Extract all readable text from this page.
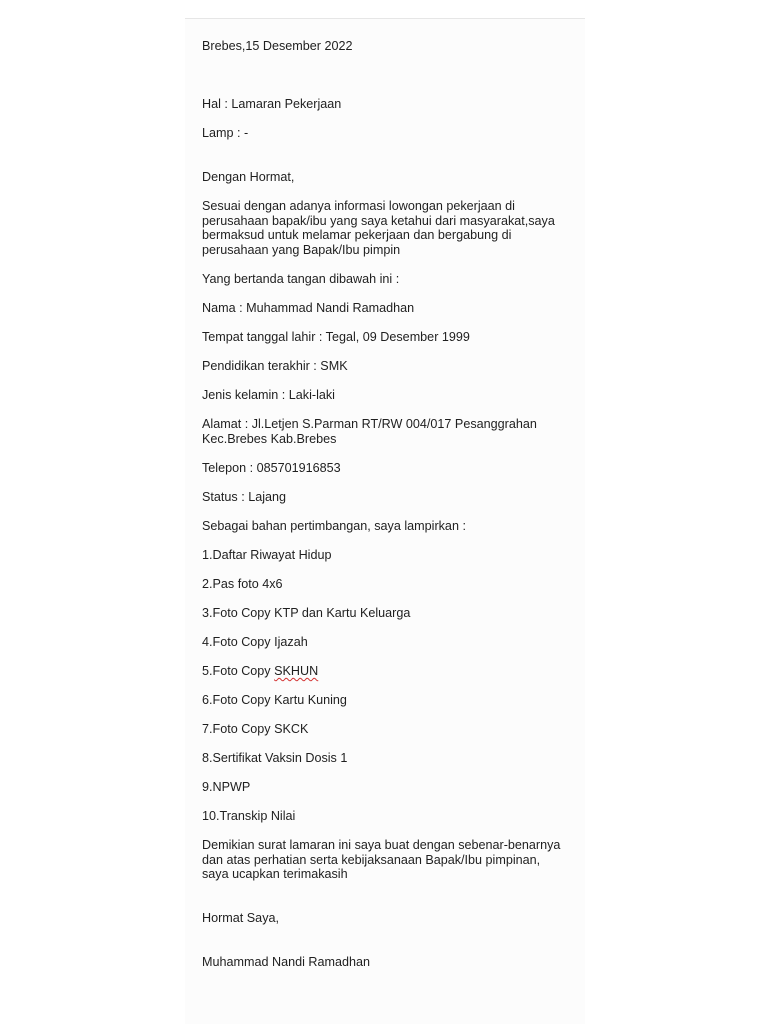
Brebes,15 Desember 2022

Hal : Lamaran Pekerjaan

Lamp : -

Dengan Hormat,

Sesuai dengan adanya informasi lowongan pekerjaan di
perusahaan bapak/ibu yang saya ketahui dari masyarakat,saya
bermaksud untuk melamar pekerjaan dan bergabung di
perusahaan yang Bapak/Ibu pimpin

Yang bertanda tangan dibawah ini :

Nama : Muhammad Nandi Ramadhan

Tempat tanggal lahir : Tegal, 09 Desember 1999

Pendidikan terakhir : SMK

Jenis kelamin : Laki-laki

Alamat : Jl.Letjen S.Parman RT/RW 004/017 Pesanggrahan
Kec.Brebes Kab.Brebes

Telepon : 085701916853

Status : Lajang

Sebagai bahan pertimbangan, saya lampirkan :

1.Daftar Riwayat Hidup

2.Pas foto 4x6

3.Foto Copy KTP dan Kartu Keluarga

4.Foto Copy Ijazah

5.Foto Copy SKHUN

6.Foto Copy Kartu Kuning

7.Foto Copy SKCK

8.Sertifikat Vaksin Dosis 1

9.NPWP

10.Transkip Nilai

Demikian surat lamaran ini saya buat dengan sebenar-benarnya
dan atas perhatian serta kebijaksanaan Bapak/Ibu pimpinan,
saya ucapkan terimakasih

Hormat Saya,

Muhammad Nandi Ramadhan
